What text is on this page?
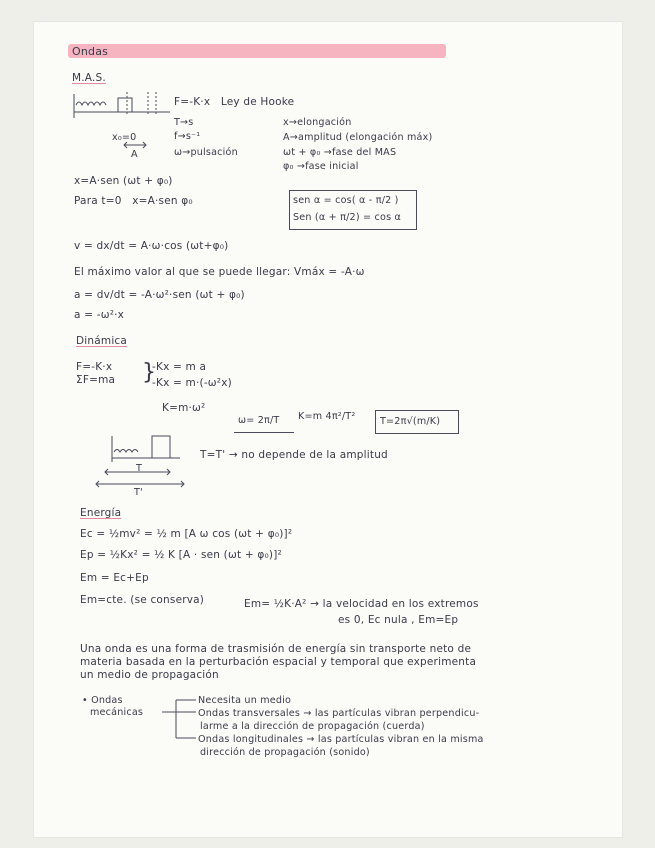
Ondas
M.A.S.
x₀=0
A
F=-K·x   Ley de Hooke
T→s
f→s⁻¹
ω→pulsación
x→elongación
A→amplitud (elongación máx)
ωt + φ₀ →fase del MAS
φ₀ →fase inicial
x=A·sen (ωt + φ₀)
Para t=0   x=A·sen φ₀	sen α = cos( α - π/2 )
Sen (α + π/2) = cos α
v = dx/dt = A·ω·cos (ωt+φ₀)
El máximo valor al que se puede llegar: Vmáx = -A·ω
a = dv/dt = -A·ω²·sen (ωt + φ₀)
a = -ω²·x
Dinámica
F=-K·x
ΣF=ma }
-Kx = m a
-Kx = m·(-ω²x)
K=m·ω²
ω= 2π/T K=m 4π²/T²	T=2π√(m/K)
T
T'
T=T' → no depende de la amplitud
Energía
Ec = ½mv² = ½ m [A ω cos (ωt + φ₀)]²
Ep = ½Kx² = ½ K [A · sen (ωt + φ₀)]²
Em = Ec+Ep
Em=cte. (se conserva)	Em= ½K·A² → la velocidad en los extremos
es 0, Ec nula , Em=Ep
Una onda es una forma de trasmisión de energía sin transporte neto de
materia basada en la perturbación espacial y temporal que experimenta
un medio de propagación
• Ondas
mecánicas
Necesita un medio
Ondas transversales → las partículas vibran perpendicu-
larme a la dirección de propagación (cuerda)
Ondas longitudinales → las partículas vibran en la misma
dirección de propagación (sonido)
